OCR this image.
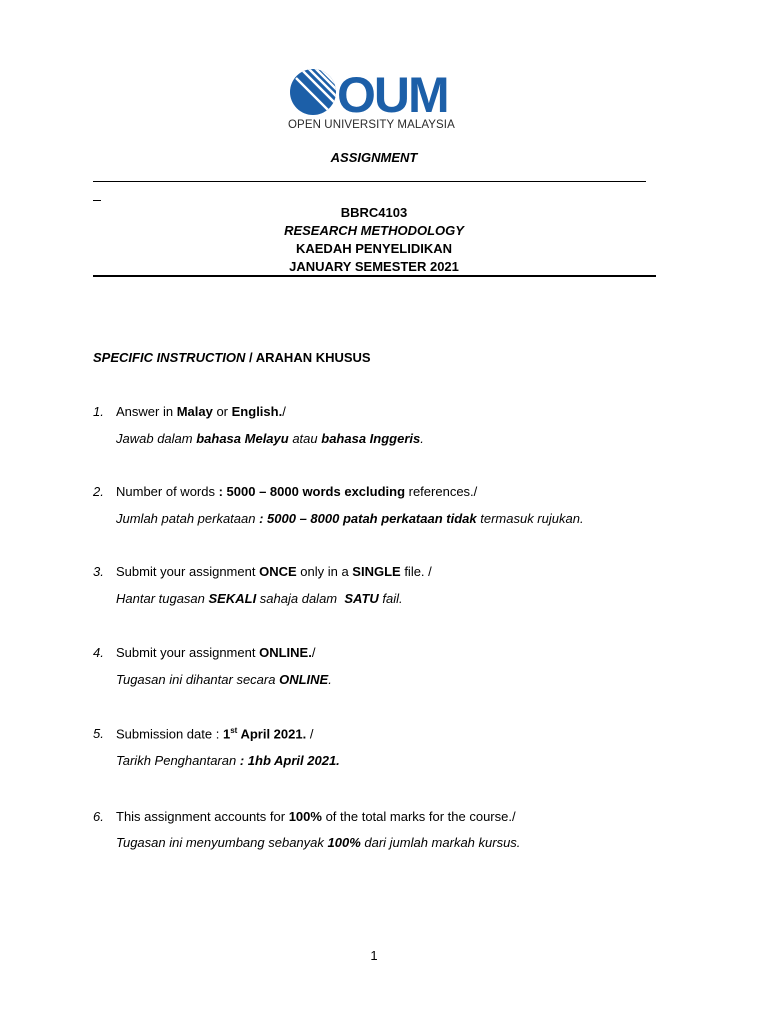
OUM
OPEN UNIVERSITY MALAYSIA
ASSIGNMENT
BBRC4103
RESEARCH METHODOLOGY
KAEDAH PENYELIDIKAN
JANUARY SEMESTER 2021
SPECIFIC INSTRUCTION / ARAHAN KHUSUS
1. Answer in Malay or English./
Jawab dalam bahasa Melayu atau bahasa Inggeris.
2. Number of words : 5000 – 8000 words excluding references./
Jumlah patah perkataan : 5000 – 8000 patah perkataan tidak termasuk rujukan.
3. Submit your assignment ONCE only in a SINGLE file. /
Hantar tugasan SEKALI sahaja dalam  SATU fail.
4. Submit your assignment ONLINE./
Tugasan ini dihantar secara ONLINE.
5. Submission date : 1st April 2021. /
Tarikh Penghantaran : 1hb April 2021.
6. This assignment accounts for 100% of the total marks for the course./
Tugasan ini menyumbang sebanyak 100% dari jumlah markah kursus.
1
